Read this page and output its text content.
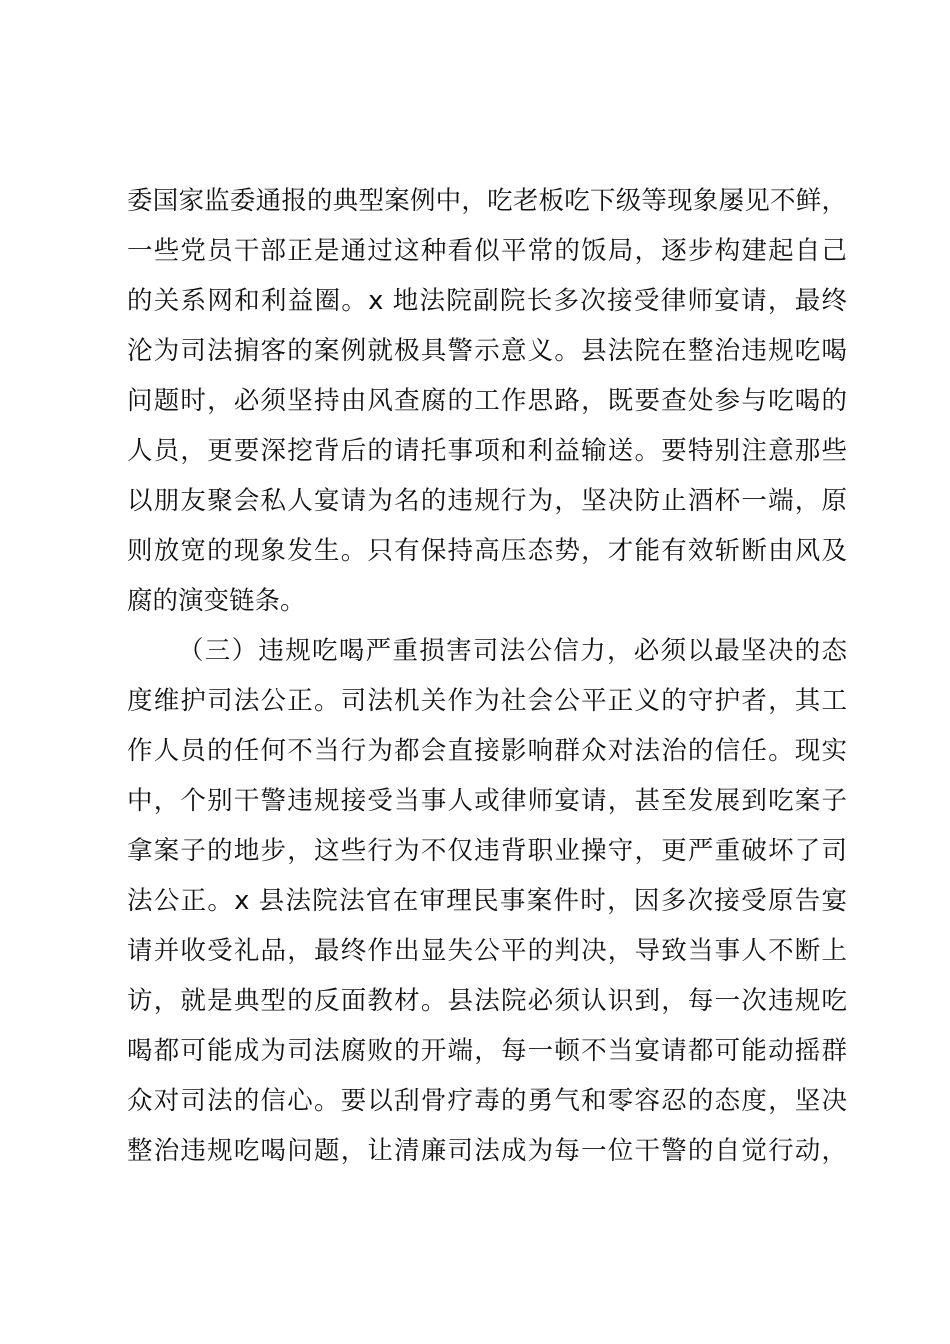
委国家监委通报的典型案例中，吃老板吃下级等现象屡见不鲜，
一些党员干部正是通过这种看似平常的饭局，逐步构建起自己
的关系网和利益圈。x 地法院副院长多次接受律师宴请，最终
沦为司法掮客的案例就极具警示意义。县法院在整治违规吃喝
问题时，必须坚持由风查腐的工作思路，既要查处参与吃喝的
人员，更要深挖背后的请托事项和利益输送。要特别注意那些
以朋友聚会私人宴请为名的违规行为，坚决防止酒杯一端，原
则放宽的现象发生。只有保持高压态势，才能有效斩断由风及
腐的演变链条。
（三）违规吃喝严重损害司法公信力，必须以最坚决的态
度维护司法公正。司法机关作为社会公平正义的守护者，其工
作人员的任何不当行为都会直接影响群众对法治的信任。现实
中，个别干警违规接受当事人或律师宴请，甚至发展到吃案子
拿案子的地步，这些行为不仅违背职业操守，更严重破坏了司
法公正。x 县法院法官在审理民事案件时，因多次接受原告宴
请并收受礼品，最终作出显失公平的判决，导致当事人不断上
访，就是典型的反面教材。县法院必须认识到，每一次违规吃
喝都可能成为司法腐败的开端，每一顿不当宴请都可能动摇群
众对司法的信心。要以刮骨疗毒的勇气和零容忍的态度，坚决
整治违规吃喝问题，让清廉司法成为每一位干警的自觉行动，
